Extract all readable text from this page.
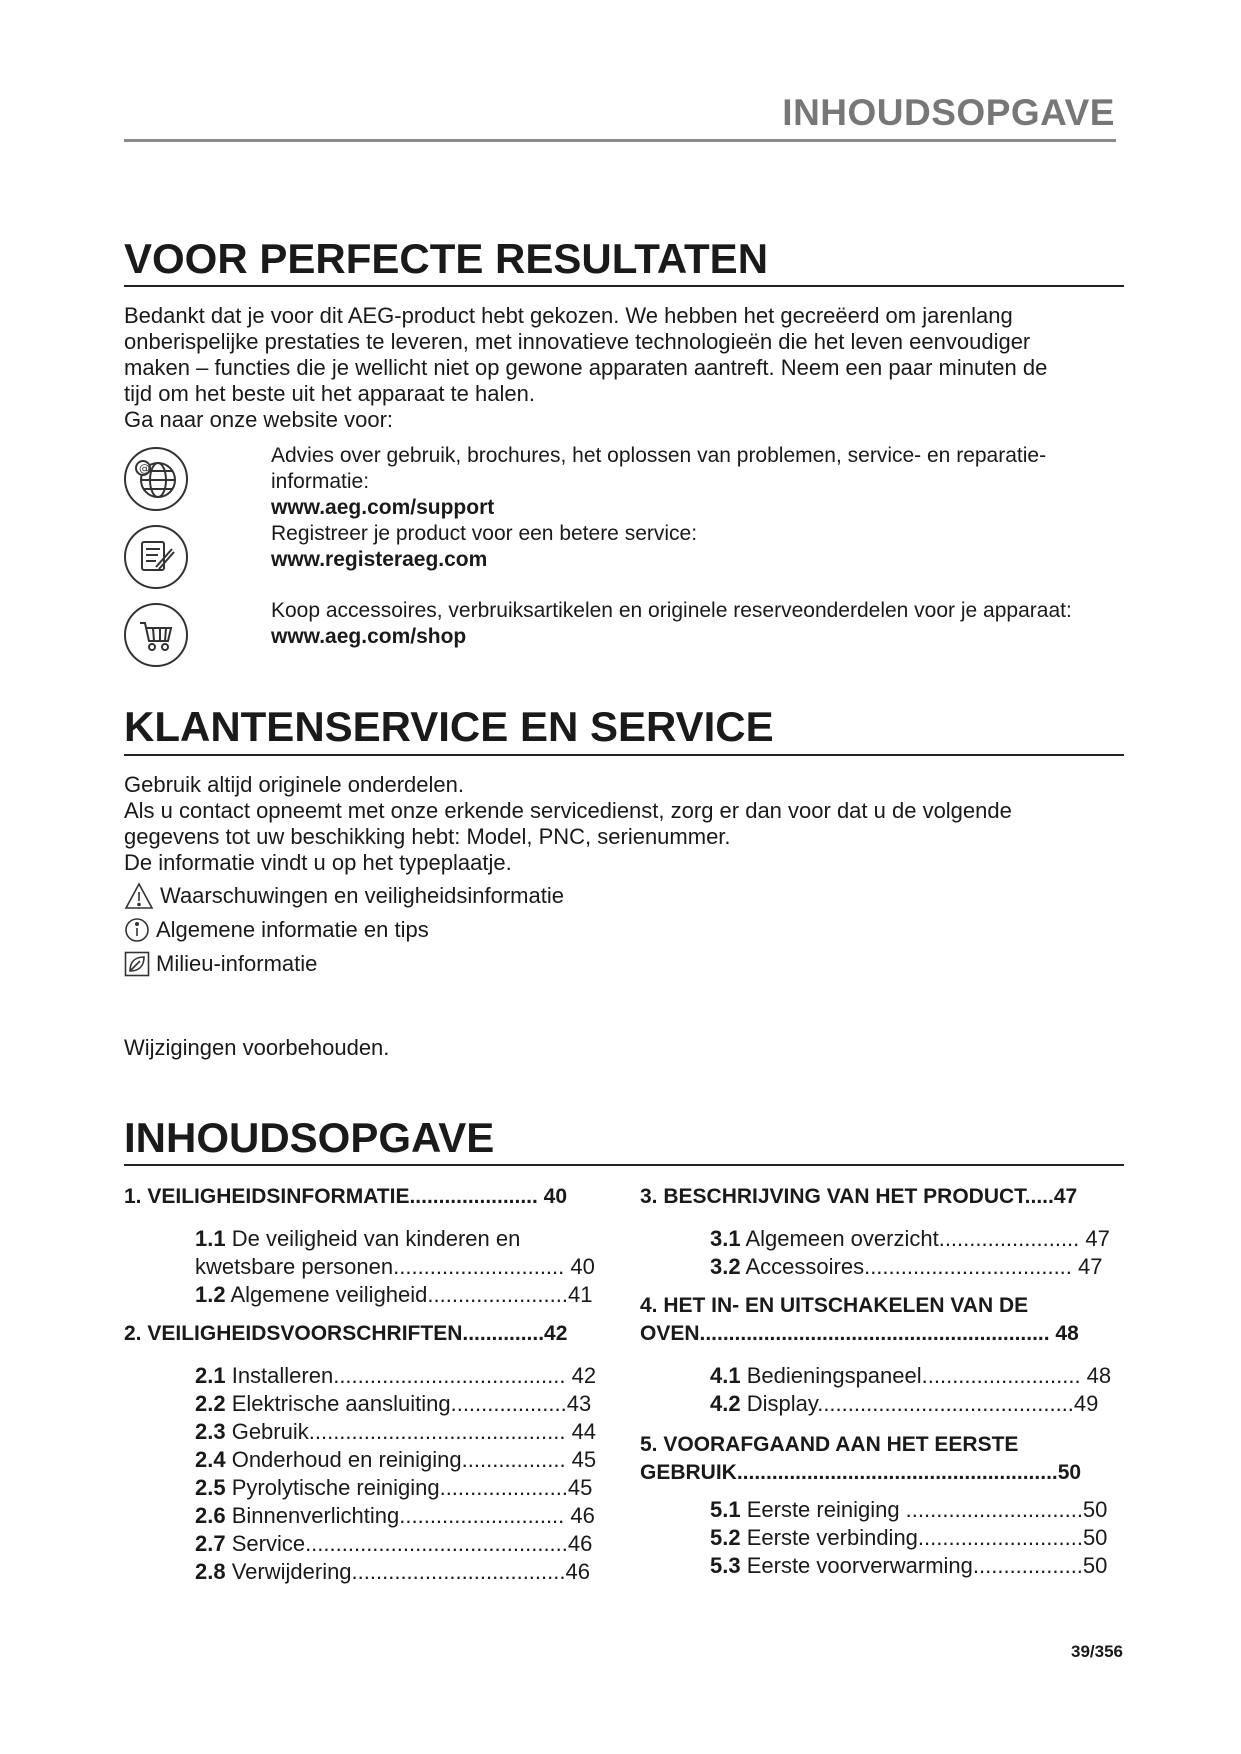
INHOUDSOPGAVE
VOOR PERFECTE RESULTATEN

Bedankt dat je voor dit AEG-product hebt gekozen. We hebben het gecreëerd om jarenlang

onberispelijke prestaties te leveren, met innovatieve technologieën die het leven eenvoudiger

maken – functies die je wellicht niet op gewone apparaten aantreft. Neem een paar minuten de

tijd om het beste uit het apparaat te halen.

Ga naar onze website voor:

@
Advies over gebruik, brochures, het oplossen van problemen, service- en reparatie-
informatie:
www.aeg.com/support
Registreer je product voor een betere service:
www.registeraeg.com
Koop accessoires, verbruiksartikelen en originele reserveonderdelen voor je apparaat:
www.aeg.com/shop
KLANTENSERVICE EN SERVICE

Gebruik altijd originele onderdelen.

Als u contact opneemt met onze erkende servicedienst, zorg er dan voor dat u de volgende

gegevens tot uw beschikking hebt: Model, PNC, serienummer.

De informatie vindt u op het typeplaatje.

Waarschuwingen en veiligheidsinformatie
Algemene informatie en tips
Milieu-informatie
Wijzigingen voorbehouden.
INHOUDSOPGAVE
1. VEILIGHEIDSINFORMATIE...................... 40
1.1 De veiligheid van kinderen en
kwetsbare personen............................ 40
1.2 Algemene veiligheid.......................41
2. VEILIGHEIDSVOORSCHRIFTEN..............42
2.1 Installeren...................................... 42
2.2 Elektrische aansluiting...................43
2.3 Gebruik.......................................... 44
2.4 Onderhoud en reiniging................. 45
2.5 Pyrolytische reiniging.....................45
2.6 Binnenverlichting........................... 46
2.7 Service...........................................46
2.8 Verwijdering...................................46
3. BESCHRIJVING VAN HET PRODUCT.....47
3.1 Algemeen overzicht....................... 47
3.2 Accessoires.................................. 47
4. HET IN- EN UITSCHAKELEN VAN DE
OVEN............................................................ 48
4.1 Bedieningspaneel.......................... 48
4.2 Display..........................................49
5. VOORAFGAAND AAN HET EERSTE
GEBRUIK.......................................................50
5.1 Eerste reiniging .............................50
5.2 Eerste verbinding...........................50
5.3 Eerste voorverwarming..................50
39/356
